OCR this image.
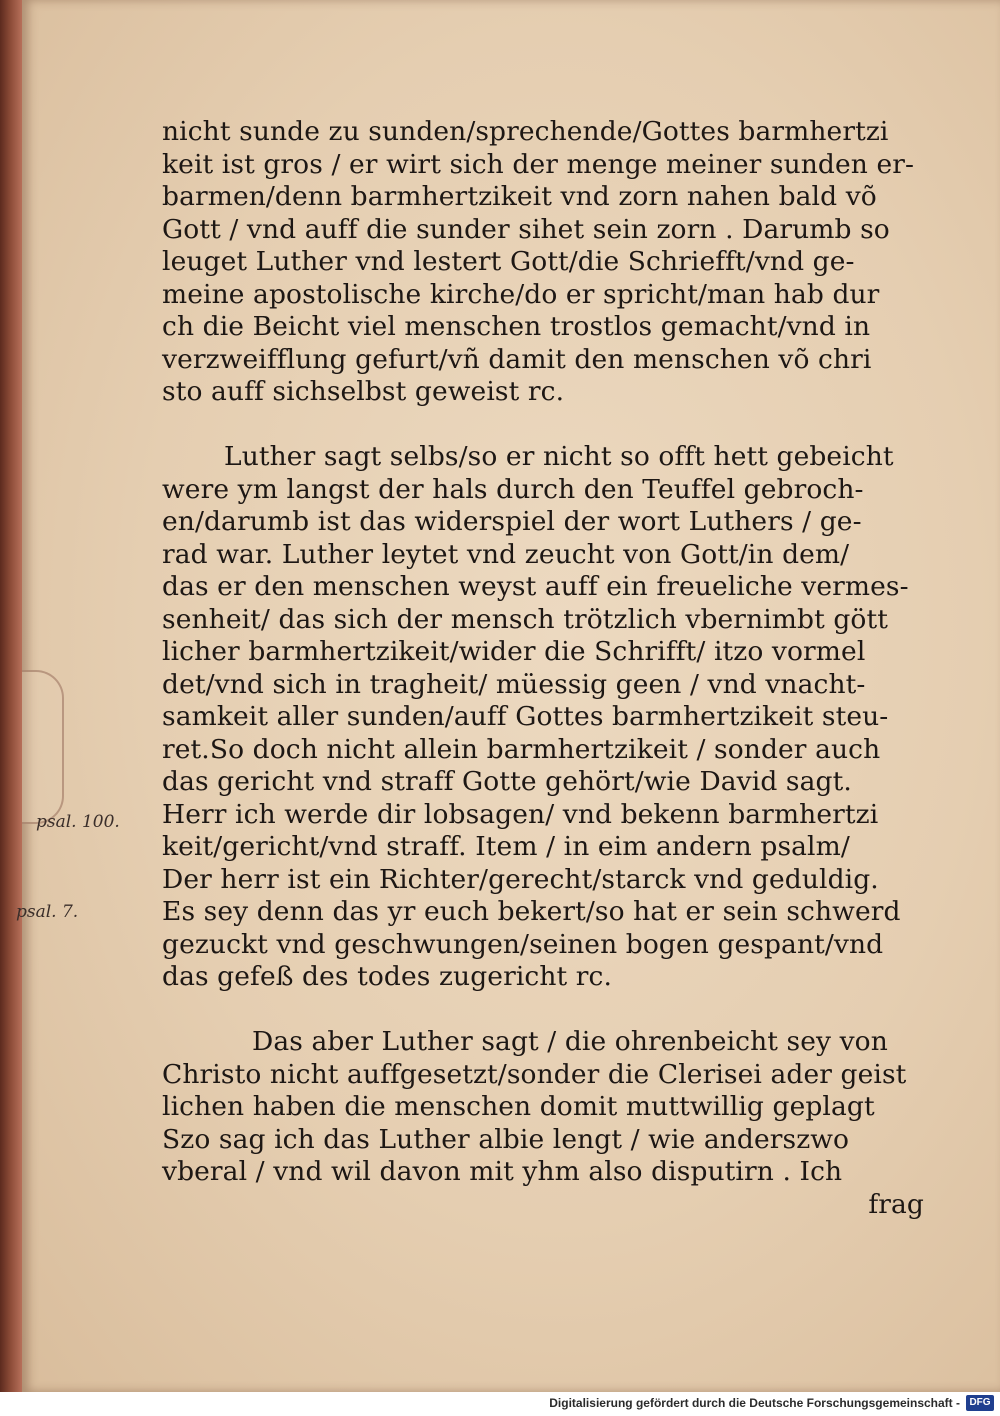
psal. 100.
psal. 7.
nicht sunde zu sunden/sprechende/Gottes barmhertzi
keit ist gros / er wirt sich der menge meiner sunden er-
barmen/denn barmhertzikeit vnd zorn nahen bald võ
Gott / vnd auff die sunder sihet sein zorn . Darumb so
leuget Luther vnd lestert Gott/die Schriefft/vnd ge-
meine apostolische kirche/do er spricht/man hab dur
ch die Beicht viel menschen trostlos gemacht/vnd in
verzweifflung gefurt/vñ damit den menschen võ chri
sto auff sichselbst geweist rc.
Luther sagt selbs/so er nicht so offt hett gebeicht
were ym langst der hals durch den Teuffel gebroch-
en/darumb ist das widerspiel der wort Luthers / ge-
rad war. Luther leytet vnd zeucht von Gott/in dem/
das er den menschen weyst auff ein freueliche vermes-
senheit/ das sich der mensch trötzlich vbernimbt gött
licher barmhertzikeit/wider die Schrifft/ itzo vormel
det/vnd sich in tragheit/ müessig geen / vnd vnacht-
samkeit aller sunden/auff Gottes barmhertzikeit steu-
ret.So doch nicht allein barmhertzikeit / sonder auch
das gericht vnd straff Gotte gehört/wie David sagt.
Herr ich werde dir lobsagen/ vnd bekenn barmhertzi
keit/gericht/vnd straff. Item / in eim andern psalm/
Der herr ist ein Richter/gerecht/starck vnd geduldig.
Es sey denn das yr euch bekert/so hat er sein schwerd
gezuckt vnd geschwungen/seinen bogen gespant/vnd
das gefeß des todes zugericht rc.
Das aber Luther sagt / die ohrenbeicht sey von
Christo nicht auffgesetzt/sonder die Clerisei ader geist
lichen haben die menschen domit muttwillig geplagt
Szo sag ich das Luther albie lengt / wie anderszwo
vberal / vnd wil davon mit yhm also disputirn . Ich
frag
Digitalisierung gefördert durch die Deutsche Forschungsgemeinschaft - DFG
